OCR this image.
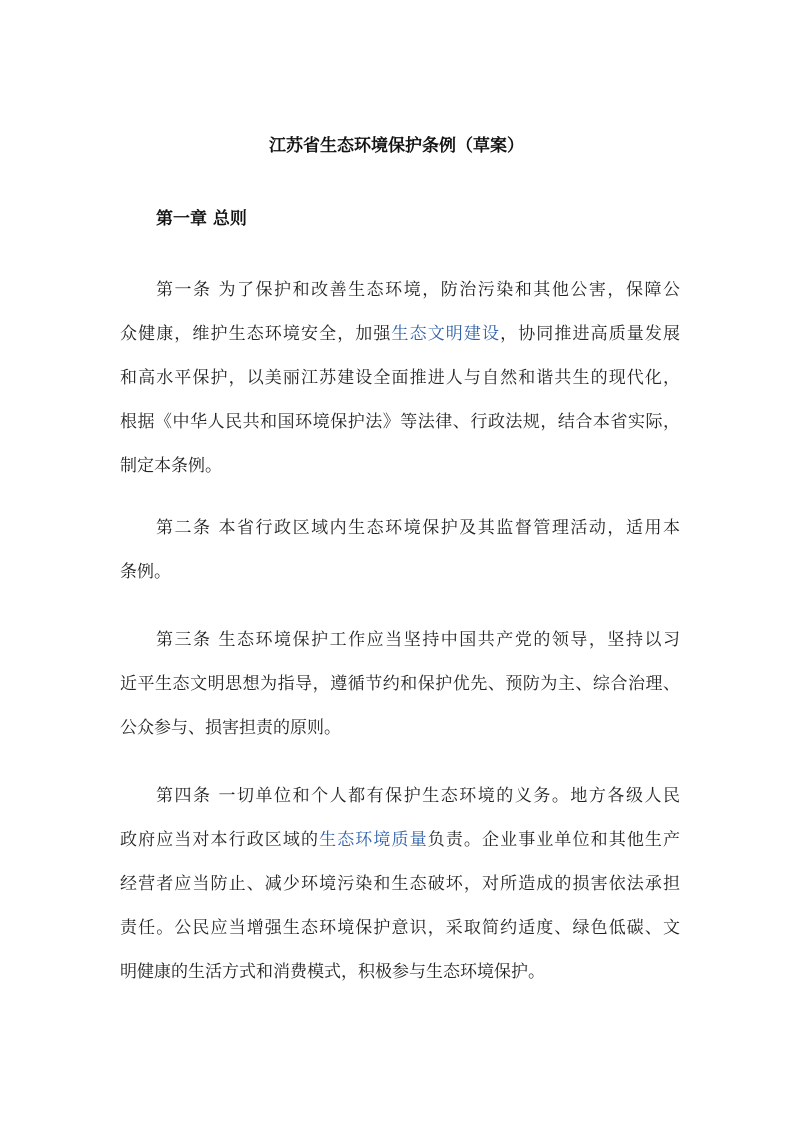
江苏省生态环境保护条例（草案）
第一章 总则
第一条 为了保护和改善生态环境，防治污染和其他公害，保障公
众健康，维护生态环境安全，加强生态文明建设，协同推进高质量发展
和高水平保护，以美丽江苏建设全面推进人与自然和谐共生的现代化，
根据《中华人民共和国环境保护法》等法律、行政法规，结合本省实际，
制定本条例。
第二条 本省行政区域内生态环境保护及其监督管理活动，适用本
条例。
第三条 生态环境保护工作应当坚持中国共产党的领导，坚持以习
近平生态文明思想为指导，遵循节约和保护优先、预防为主、综合治理、
公众参与、损害担责的原则。
第四条 一切单位和个人都有保护生态环境的义务。地方各级人民
政府应当对本行政区域的生态环境质量负责。企业事业单位和其他生产
经营者应当防止、减少环境污染和生态破坏，对所造成的损害依法承担
责任。公民应当增强生态环境保护意识，采取简约适度、绿色低碳、文
明健康的生活方式和消费模式，积极参与生态环境保护。
